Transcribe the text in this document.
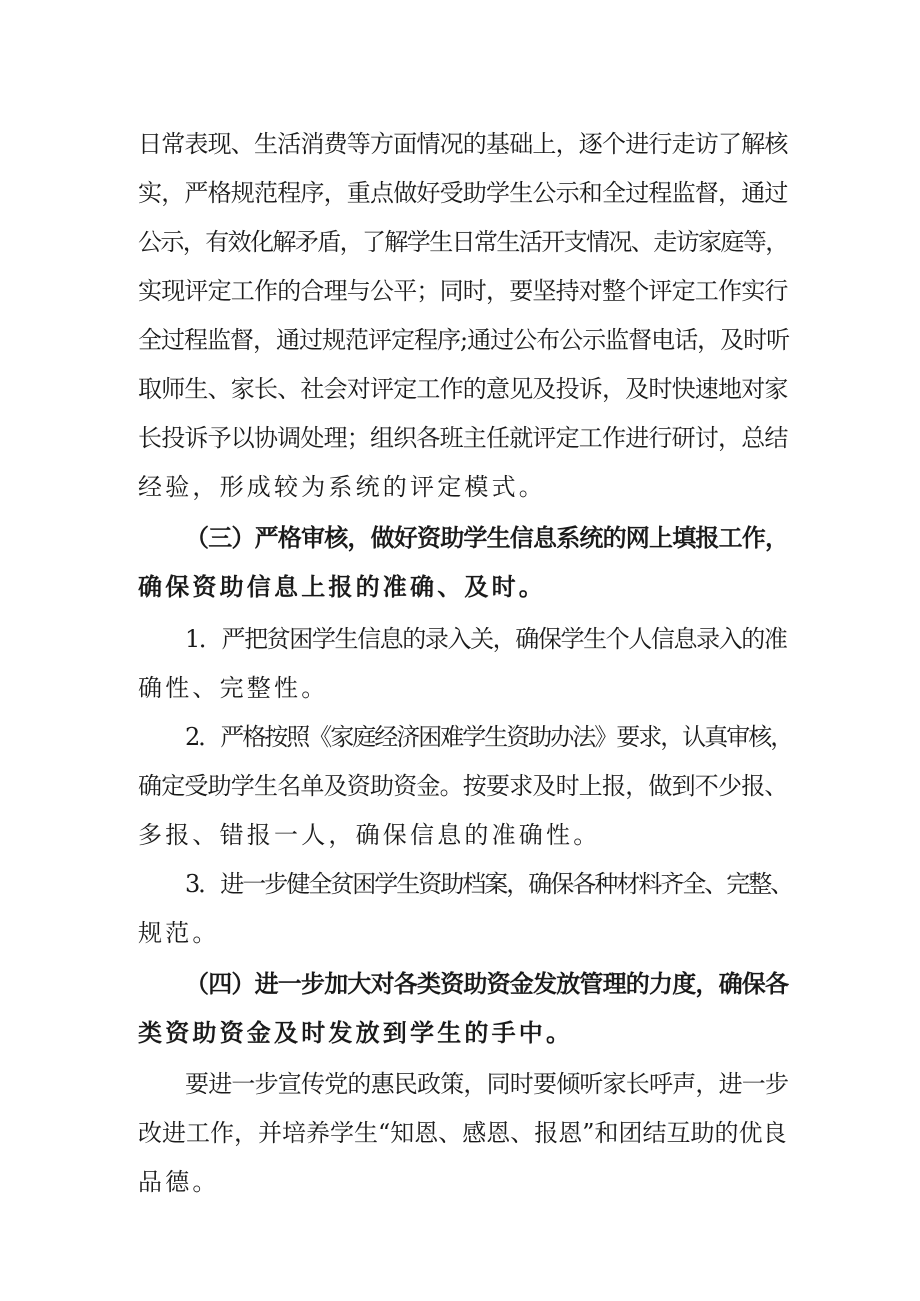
日常表现、生活消费等方面情况的基础上，逐个进行走访了解核
实，严格规范程序，重点做好受助学生公示和全过程监督，通过
公示，有效化解矛盾，了解学生日常生活开支情况、走访家庭等，
实现评定工作的合理与公平；同时，要坚持对整个评定工作实行
全过程监督，通过规范评定程序;通过公布公示监督电话，及时听
取师生、家长、社会对评定工作的意见及投诉，及时快速地对家
长投诉予以协调处理；组织各班主任就评定工作进行研讨，总结
经验，形成较为系统的评定模式。
（三）严格审核，做好资助学生信息系统的网上填报工作，
确保资助信息上报的准确、及时。
1．严把贫困学生信息的录入关，确保学生个人信息录入的准
确性、完整性。
2．严格按照《家庭经济困难学生资助办法》要求，认真审核，
确定受助学生名单及资助资金。按要求及时上报，做到不少报、
多报、错报一人，确保信息的准确性。
3．进一步健全贫困学生资助档案，确保各种材料齐全、完整、
规范。
（四）进一步加大对各类资助资金发放管理的力度，确保各
类资助资金及时发放到学生的手中。
要进一步宣传党的惠民政策，同时要倾听家长呼声，进一步
改进工作，并培养学生“知恩、感恩、报恩”和团结互助的优良
品德。
